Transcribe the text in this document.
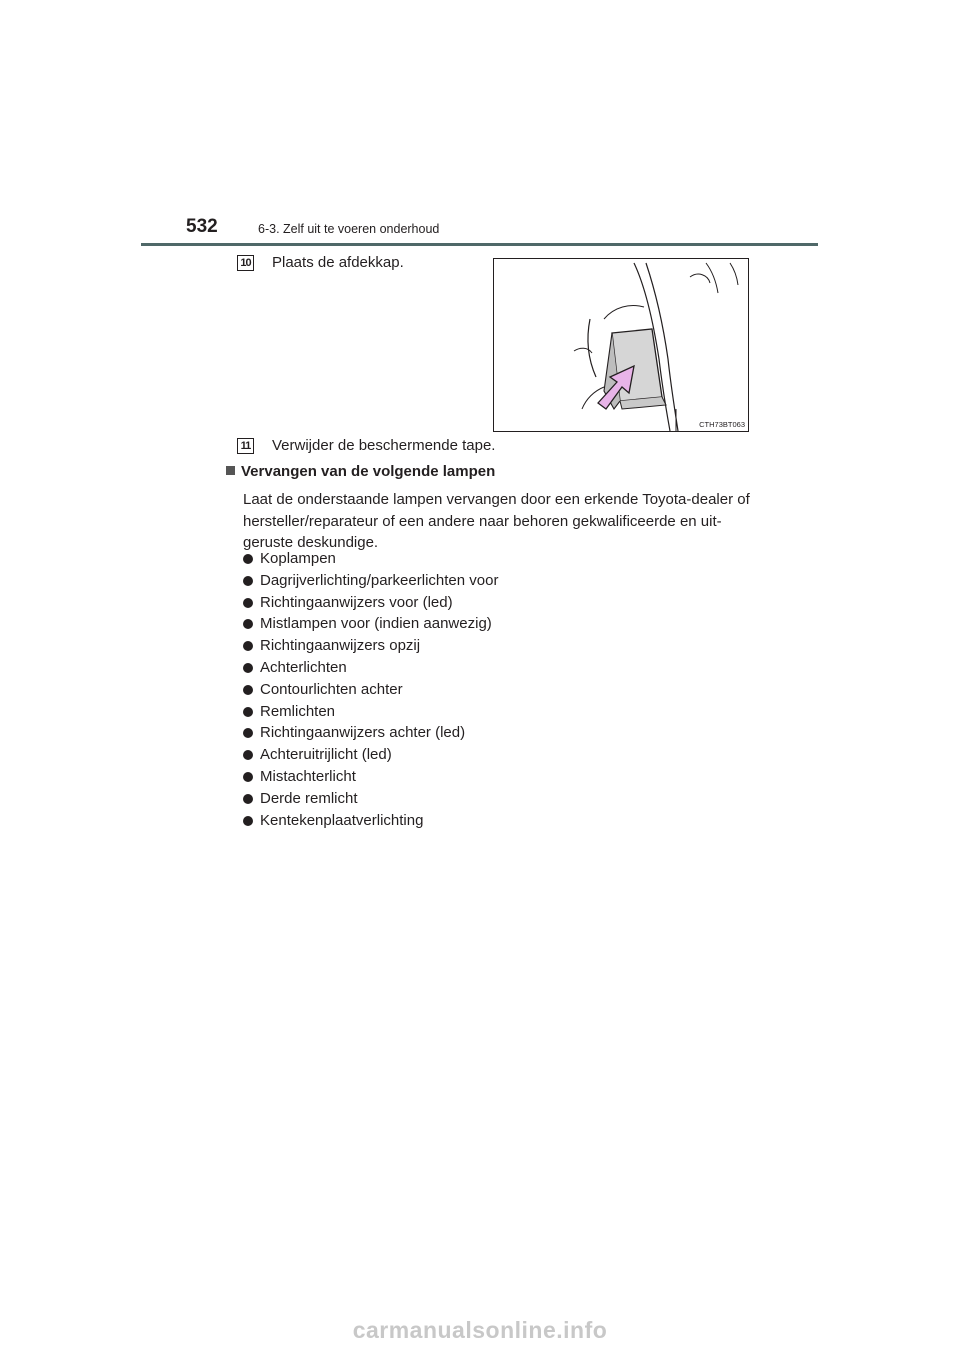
532	6-3. Zelf uit te voeren onderhoud
10 Plaats de afdekkap.
CTH73BT063
11 Verwijder de beschermende tape.
Vervangen van de volgende lampen
Laat de onderstaande lampen vervangen door een erkende Toyota-dealer of hersteller/reparateur of een andere naar behoren gekwalificeerde en uit-geruste deskundige.
Koplampen
Dagrijverlichting/parkeerlichten voor
Richtingaanwijzers voor (led)
Mistlampen voor (indien aanwezig)
Richtingaanwijzers opzij
Achterlichten
Contourlichten achter
Remlichten
Richtingaanwijzers achter (led)
Achteruitrijlicht (led)
Mistachterlicht
Derde remlicht
Kentekenplaatverlichting
carmanualsonline.info
